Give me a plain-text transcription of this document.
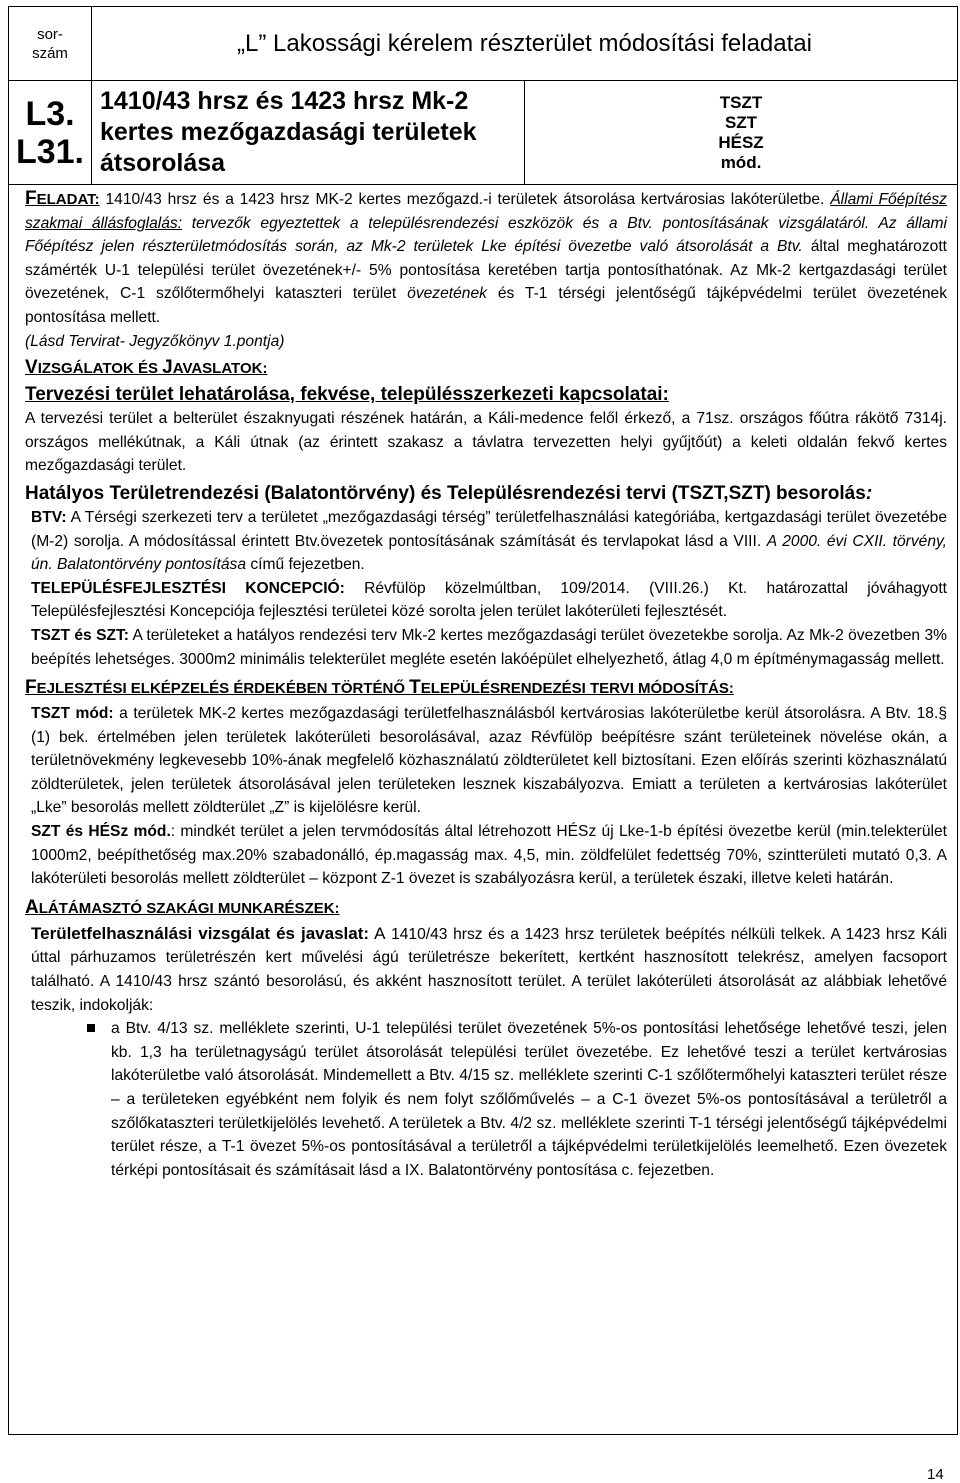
sor-
szám	„L” Lakossági kérelem részterület módosítási feladatai	
L3.
L31.	1410/43 hrsz és 1423 hrsz Mk-2 kertes mezőgazdasági területek átsorolása	TSZT
SZT
HÉSZ
mód.

FELADAT: 1410/43 hrsz és a 1423 hrsz MK-2 kertes mezőgazd.-i területek átsorolása kertvárosias lakóterületbe. Állami Főépítész szakmai állásfoglalás: tervezők egyeztettek a településrendezési eszközök és a Btv. pontosításának vizsgálatáról. Az állami Főépítész jelen részterületmódosítás során, az Mk-2 területek Lke építési övezetbe való átsorolását a Btv. által meghatározott számérték U-1 települési terület övezetének+/- 5% pontosítása keretében tartja pontosíthatónak. Az Mk-2 kertgazdasági terület övezetének, C-1 szőlőtermőhelyi kataszteri terület övezetének és T-1 térségi jelentőségű tájképvédelmi terület övezetének pontosítása mellett.
(Lásd Tervirat- Jegyzőkönyv 1.pontja)

VIZSGÁLATOK ÉS JAVASLATOK:
Tervezési terület lehatárolása, fekvése, településszerkezeti kapcsolatai:

A tervezési terület a belterület északnyugati részének határán, a Káli-medence felől érkező, a 71sz. országos főútra rákötő 7314j. országos mellékútnak, a Káli útnak (az érintett szakasz a távlatra tervezetten helyi gyűjtőút) a keleti oldalán fekvő kertes mezőgazdasági terület.

Hatályos Területrendezési (Balatontörvény) és Településrendezési tervi (TSZT,SZT) besorolás:

BTV: A Térségi szerkezeti terv a területet „mezőgazdasági térség” területfelhasználási kategóriába, kertgazdasági terület övezetébe (M-2) sorolja. A módosítással érintett Btv.övezetek pontosításának számítását és tervlapokat lásd a VIII. A 2000. évi CXII. törvény, ún. Balatontörvény pontosítása című fejezetben.

TELEPÜLÉSFEJLESZTÉSI KONCEPCIÓ: Révfülöp közelmúltban, 109/2014. (VIII.26.) Kt. határozattal jóváhagyott Településfejlesztési Koncepciója fejlesztési területei közé sorolta jelen terület lakóterületi fejlesztését.

TSZT és SZT: A területeket a hatályos rendezési terv Mk-2 kertes mezőgazdasági terület övezetekbe sorolja. Az Mk-2 övezetben 3% beépítés lehetséges. 3000m2 minimális telekterület megléte esetén lakóépület elhelyezhető, átlag 4,0 m építménymagasság mellett.

FEJLESZTÉSI ELKÉPZELÉS ÉRDEKÉBEN TÖRTÉNŐ TELEPÜLÉSRENDEZÉSI TERVI MÓDOSÍTÁS:

TSZT mód: a területek MK-2 kertes mezőgazdasági területfelhasználásból kertvárosias lakóterületbe kerül átsorolásra. A Btv. 18.§ (1) bek. értelmében jelen területek lakóterületi besorolásával, azaz Révfülöp beépítésre szánt területeinek növelése okán, a területnövekmény legkevesebb 10%-ának megfelelő közhasználatú zöldterületet kell biztosítani. Ezen előírás szerinti közhasználatú zöldterületek, jelen területek átsorolásával jelen területeken lesznek kiszabályozva. Emiatt a területen a kertvárosias lakóterület „Lke” besorolás mellett zöldterület „Z” is kijelölésre kerül.

SZT és HÉSz mód.: mindkét terület a jelen tervmódosítás által létrehozott HÉSz új Lke-1-b építési övezetbe kerül (min.telekterület 1000m2, beépíthetőség max.20% szabadonálló, ép.magasság max. 4,5, min. zöldfelület fedettség 70%, szintterületi mutató 0,3. A lakóterületi besorolás mellett zöldterület – központ Z-1 övezet is szabályozásra kerül, a területek északi, illetve keleti határán.

ALÁTÁMASZTÓ SZAKÁGI MUNKARÉSZEK:

Területfelhasználási vizsgálat és javaslat: A 1410/43 hrsz és a 1423 hrsz területek beépítés nélküli telkek. A 1423 hrsz Káli úttal párhuzamos területrészén kert művelési ágú területrésze bekerített, kertként hasznosított telekrész, amelyen facsoport található. A 1410/43 hrsz szántó besorolású, és akként hasznosított terület. A terület lakóterületi átsorolását az alábbiak lehetővé teszik, indokolják:

a Btv. 4/13 sz. melléklete szerinti, U-1 települési terület övezetének 5%-os pontosítási lehetősége lehetővé teszi, jelen kb. 1,3 ha területnagyságú terület átsorolását települési terület övezetébe. Ez lehetővé teszi a terület kertvárosias lakóterületbe való átsorolását. Mindemellett a Btv. 4/15 sz. melléklete szerinti C-1 szőlőtermőhelyi kataszteri terület része – a területeken egyébként nem folyik és nem folyt szőlőművelés – a C-1 övezet 5%-os pontosításával a területről a szőlőkataszteri területkijelölés levehető. A területek a Btv. 4/2 sz. melléklete szerinti T-1 térségi jelentőségű tájképvédelmi terület része, a T-1 övezet 5%-os pontosításával a területről a tájképvédelmi területkijelölés leemelhető. Ezen övezetek térképi pontosításait és számításait lásd a IX. Balatontörvény pontosítása c. fejezetben.

14
